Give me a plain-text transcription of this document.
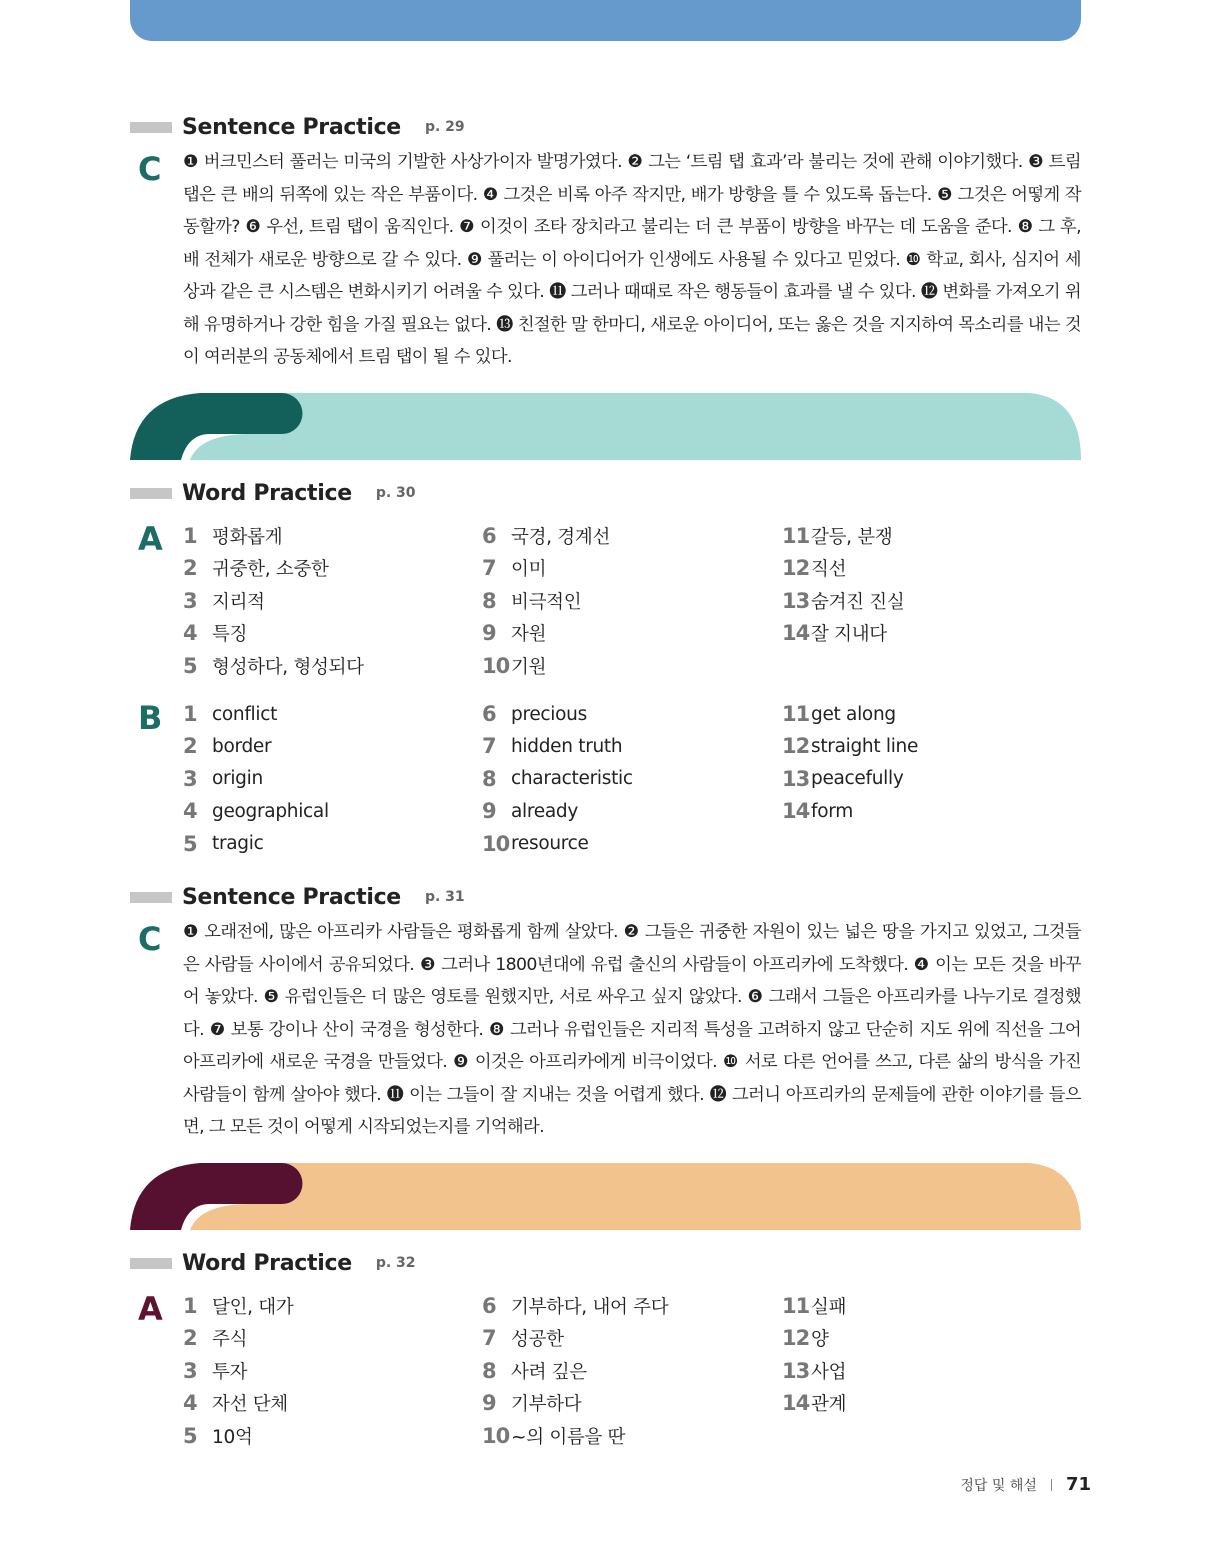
Sentence Practice p. 29
C ❶ 버크민스터 풀러는 미국의 기발한 사상가이자 발명가였다. ❷ 그는 ‘트림 탭 효과’라 불리는 것에 관해 이야기했다. ❸ 트림 탭은 큰 배의 뒤쪽에 있는 작은 부품이다. ❹ 그것은 비록 아주 작지만, 배가 방향을 틀 수 있도록 돕는다. ❺ 그것은 어떻게 작동할까? ❻ 우선, 트림 탭이 움직인다. ❼ 이것이 조타 장치라고 불리는 더 큰 부품이 방향을 바꾸는 데 도움을 준다. ❽ 그 후, 배 전체가 새로운 방향으로 갈 수 있다. ❾ 풀러는 이 아이디어가 인생에도 사용될 수 있다고 믿었다. ❿ 학교, 회사, 심지어 세상과 같은 큰 시스템은 변화시키기 어려울 수 있다. ⓫ 그러나 때때로 작은 행동들이 효과를 낼 수 있다. ⓬ 변화를 가져오기 위해 유명하거나 강한 힘을 가질 필요는 없다. ⓭ 친절한 말 한마디, 새로운 아이디어, 또는 옳은 것을 지지하여 목소리를 내는 것이 여러분의 공동체에서 트림 탭이 될 수 있다.

Word Practice p. 30
A 1 평화롭게
2 귀중한, 소중한
3 지리적
4 특징
5 형성하다, 형성되다
6 국경, 경계선
7 이미
8 비극적인
9 자원
10 기원
11 갈등, 분쟁
12 직선
13 숨겨진 진실
14 잘 지내다
B 1 conflict
2 border
3 origin
4 geographical
5 tragic
6 precious
7 hidden truth
8 characteristic
9 already
10 resource
11 get along
12 straight line
13 peacefully
14 form
Sentence Practice p. 31
C ❶ 오래전에, 많은 아프리카 사람들은 평화롭게 함께 살았다. ❷ 그들은 귀중한 자원이 있는 넓은 땅을 가지고 있었고, 그것들은 사람들 사이에서 공유되었다. ❸ 그러나 1800년대에 유럽 출신의 사람들이 아프리카에 도착했다. ❹ 이는 모든 것을 바꾸어 놓았다. ❺ 유럽인들은 더 많은 영토를 원했지만, 서로 싸우고 싶지 않았다. ❻ 그래서 그들은 아프리카를 나누기로 결정했다. ❼ 보통 강이나 산이 국경을 형성한다. ❽ 그러나 유럽인들은 지리적 특성을 고려하지 않고 단순히 지도 위에 직선을 그어 아프리카에 새로운 국경을 만들었다. ❾ 이것은 아프리카에게 비극이었다. ❿ 서로 다른 언어를 쓰고, 다른 삶의 방식을 가진 사람들이 함께 살아야 했다. ⓫ 이는 그들이 잘 지내는 것을 어렵게 했다. ⓬ 그러니 아프리카의 문제들에 관한 이야기를 들으면, 그 모든 것이 어떻게 시작되었는지를 기억해라.

Word Practice p. 32
A 1 달인, 대가
2 주식
3 투자
4 자선 단체
5 10억
6 기부하다, 내어 주다
7 성공한
8 사려 깊은
9 기부하다
10 ~의 이름을 딴
11 실패
12 양
13 사업
14 관계
정답 및 해설 71
